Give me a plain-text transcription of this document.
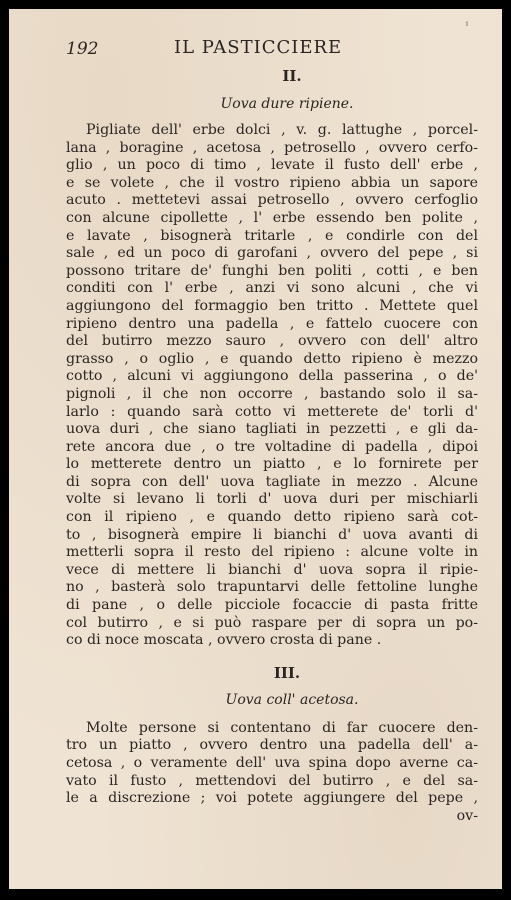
¹
192	IL PASTICCIERE
II.
Uova dure ripiene.
Pigliate dell' erbe dolci , v. g. lattughe , porcel-
lana , boragine , acetosa , petrosello , ovvero cerfo-
glio , un poco di timo , levate il fusto dell' erbe ,
e se volete , che il vostro ripieno abbia un sapore
acuto . mettetevi assai petrosello , ovvero cerfoglio
con alcune cipollette , l' erbe essendo ben polite ,
e lavate , bisognerà tritarle , e condirle con del
sale , ed un poco di garofani , ovvero del pepe , si
possono tritare de' funghi ben politi , cotti , e ben
conditi con l' erbe , anzi vi sono alcuni , che vi
aggiungono del formaggio ben tritto . Mettete quel
ripieno dentro una padella , e fattelo cuocere con
del butirro mezzo sauro , ovvero con dell' altro
grasso , o oglio , e quando detto ripieno è mezzo
cotto , alcuni vi aggiungono della passerina , o de'
pignoli , il che non occorre , bastando solo il sa-
larlo : quando sarà cotto vi metterete de' torli d'
uova duri , che siano tagliati in pezzetti , e gli da-
rete ancora due , o tre voltadine di padella , dipoi
lo metterete dentro un piatto , e lo fornirete per
di sopra con dell' uova tagliate in mezzo . Alcune
volte si levano li torli d' uova duri per mischiarli
con il ripieno , e quando detto ripieno sarà cot-
to , bisognerà empire li bianchi d' uova avanti di
metterli sopra il resto del ripieno : alcune volte in
vece di mettere li bianchi d' uova sopra il ripie-
no , basterà solo trapuntarvi delle fettoline lunghe
di pane , o delle picciole focaccie di pasta fritte
col butirro , e si può raspare per di sopra un po-
co di noce moscata , ovvero crosta di pane .
III.
Uova coll' acetosa.
Molte persone si contentano di far cuocere den-
tro un piatto , ovvero dentro una padella dell' a-
cetosa , o veramente dell' uva spina dopo averne ca-
vato il fusto , mettendovi del butirro , e del sa-
le a discrezione ; voi potete aggiungere del pepe ,
ov-
